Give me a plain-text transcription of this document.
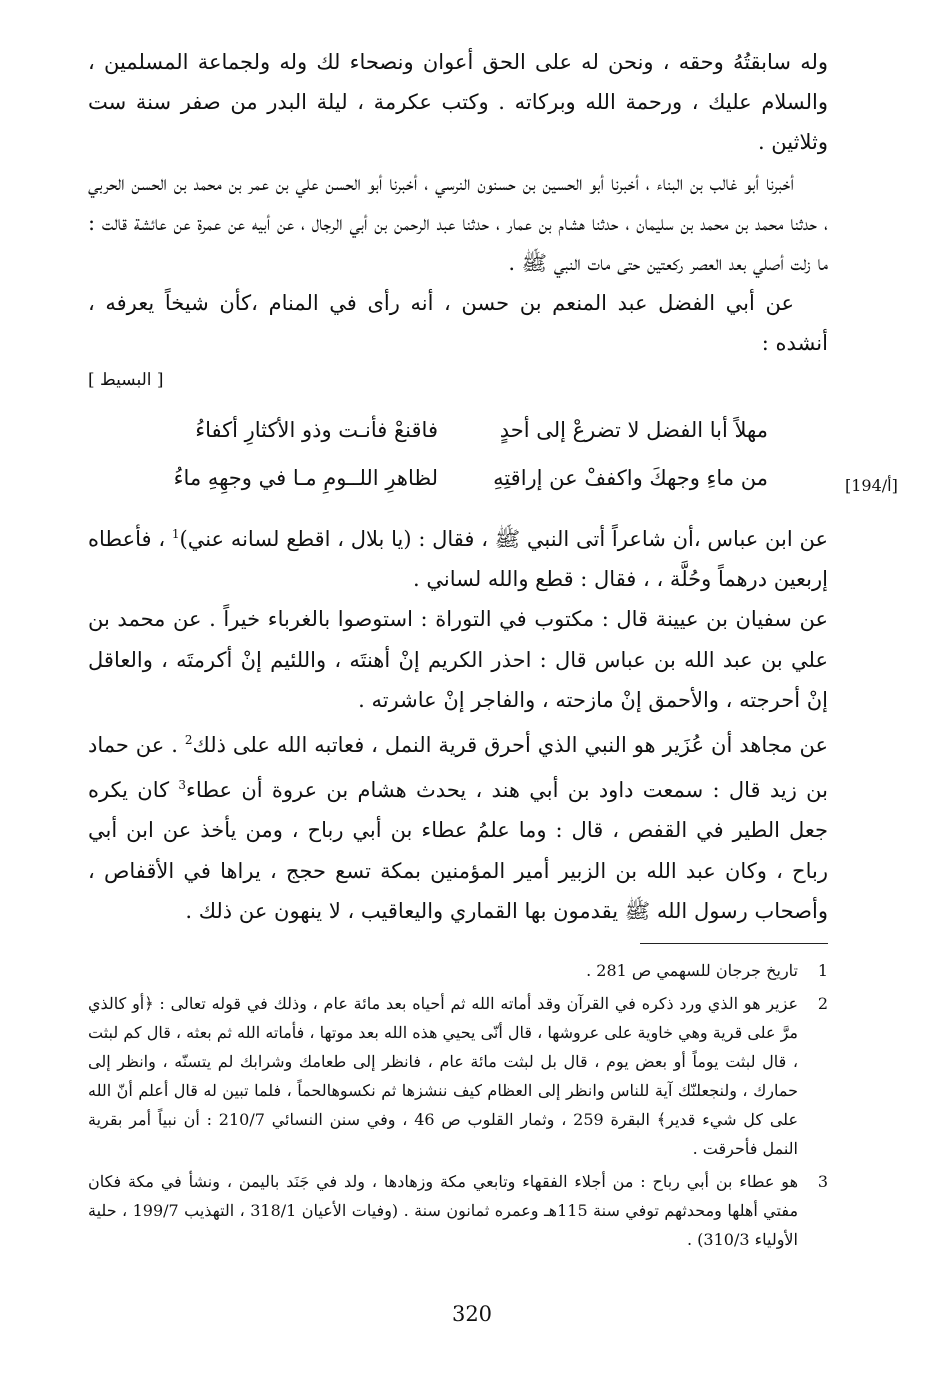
وله سابقتُهُ وحقه ، ونحن له على الحق أعوان ونصحاء لك وله ولجماعة المسلمين ، والسلام عليك ، ورحمة الله وبركاته . وكتب عكرمة ، ليلة البدر من صفر سنة ست وثلاثين .

أخبرنا أبو غالب بن البناء ، أخبرنا أبو الحسين بن حسنون النرسي ، أخبرنا أبو الحسن علي بن عمر بن محمد بن الحسن الحربي ، حدثنا محمد بن محمد بن سليمان ، حدثنا هشام بن عمار ، حدثنا عبد الرحمن بن أبي الرجال ، عن أبيه عن عمرة عن عائشة قالت : ما زلت أصلي بعد العصر ركعتين حتى مات النبي ﷺ .

عن أبي الفضل عبد المنعم بن حسن ، أنه رأى في المنام ،كأن شيخاً يعرفه ، أنشده :

[ البسيط ]
مهلاً أبا الفضل لا تضرعْ إلى أحدٍ
فاقنعْ فأنـت وذو الأكثارِ أكفاءُ
من ماءِ وجهكَ واكففْ عن إراقتِهِ
لظاهرِ اللــومِ مـا في وجهِهِ ماءُ	[194/أ]

عن ابن عباس ،أن شاعراً أتى النبي ﷺ ، فقال : (يا بلال ، اقطع لسانه عني)$^1$ ، فأعطاه إربعين درهماً وحُلَّة ، ، فقال : قطع والله لساني .

عن سفيان بن عيينة قال : مكتوب في التوراة : استوصوا بالغرباء خيراً . عن محمد بن علي بن عبد الله بن عباس قال : احذر الكريم إنْ أهنتَه ، واللئيم إنْ أكرمتَه ، والعاقل إنْ أحرجته ، والأحمق إنْ مازحته ، والفاجر إنْ عاشرته .

عن مجاهد أن عُزَير هو النبي الذي أحرق قرية النمل ، فعاتبه الله على ذلك$^2$ . عن حماد بن زيد قال : سمعت داود بن أبي هند ، يحدث هشام بن عروة أن عطاء$^3$ كان يكره جعل الطير في القفص ، قال : وما علمُ عطاء بن أبي رباح ، ومن يأخذ عن ابن أبي رباح ، وكان عبد الله بن الزبير أمير المؤمنين بمكة تسع حجج ، يراها في الأقفاص ، وأصحاب رسول الله ﷺ يقدمون بها القماري واليعاقيب ، لا ينهون عن ذلك .

1
تاريخ جرجان للسهمي ص 281 .
2
عزير هو الذي ورد ذكره في القرآن وقد أماته الله ثم أحياه بعد مائة عام ، وذلك في قوله تعالى : ﴿أو كالذي مرَّ على قرية وهي خاوية على عروشها ، قال أنّى يحيي هذه الله بعد موتها ، فأماته الله ثم بعثه ، قال كم لبثت ، قال لبثت يوماً أو بعض يوم ، قال بل لبثت مائة عام ، فانظر إلى طعامك وشرابك لم يتسنّه ، وانظر إلى حمارك ، ولنجعلنّك آية للناس وانظر إلى العظام كيف ننشزها ثم نكسوهالحماً ، فلما تبين له قال أعلم أنّ الله على كل شيء قدير﴾ البقرة 259 ، وثمار القلوب ص 46 ، وفي سنن النسائي 210/7 : أن نبياً أمر بقرية النمل فأحرقت .
3
هو عطاء بن أبي رباح : من أجلاء الفقهاء وتابعي مكة وزهادها ، ولد في جَنَد باليمن ، ونشأ في مكة فكان مفتي أهلها ومحدثهم توفي سنة 115هـ وعمره ثمانون سنة . (وفيات الأعيان 318/1 ، التهذيب 199/7 ، حلية الأولياء 310/3) .
320
